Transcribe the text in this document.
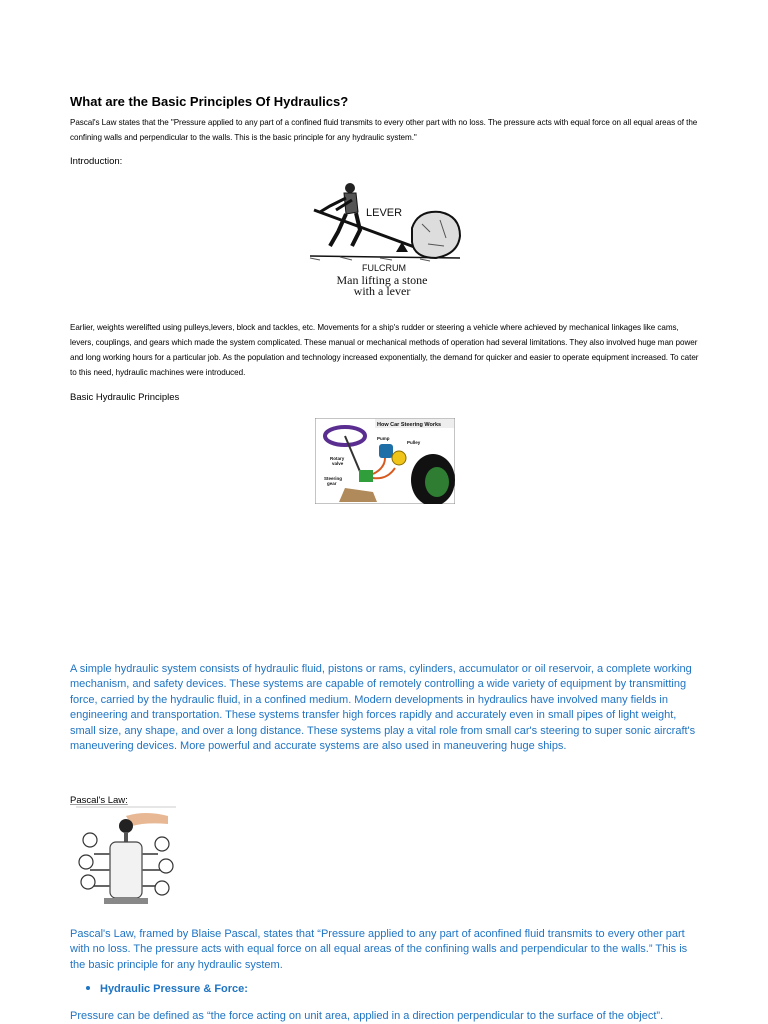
What are the Basic Principles Of Hydraulics?

Pascal's Law states that the "Pressure applied to any part of a confined fluid transmits to every other part with no loss. The pressure acts with equal force on all equal areas of the confining walls and perpendicular to the walls. This is the basic principle for any hydraulic system."

Introduction:

LEVER
FULCRUM
Man lifting a stone
with a lever

Earlier, weights werelifted using pulleys,levers, block and tackles, etc. Movements for a ship's rudder or steering a vehicle where achieved by mechanical linkages like cams, levers, couplings, and gears which made the system complicated. These manual or mechanical methods of operation had several limitations. They also involved huge man power and long working hours for a particular job. As the population and technology increased exponentially, the demand for quicker and easier to operate equipment increased. To cater to this need, hydraulic machines were introduced.

Basic Hydraulic Principles

How Car Steering Works
Pump
Pulley
Rotary
valve
Steering
gear

A simple hydraulic system consists of hydraulic fluid, pistons or rams, cylinders, accumulator or oil reservoir, a complete working mechanism, and safety devices. These systems are capable of remotely controlling a wide variety of equipment by transmitting force, carried by the hydraulic fluid, in a confined medium. Modern developments in hydraulics have involved many fields in engineering and transportation. These systems transfer high forces rapidly and accurately even in small pipes of light weight, small size, any shape, and over a long distance. These systems play a vital role from small car's steering to super sonic aircraft's maneuvering devices. More powerful and accurate systems are also used in maneuvering huge ships.

Pascal's Law:

Pascal's Law, framed by Blaise Pascal, states that “Pressure applied to any part of aconfined fluid transmits to every other part with no loss. The pressure acts with equal force on all equal areas of the confining walls and perpendicular to the walls.” This is the basic principle for any hydraulic system.

Hydraulic Pressure & Force:

Pressure can be defined as “the force acting on unit area, applied in a direction perpendicular to the surface of the object”.
